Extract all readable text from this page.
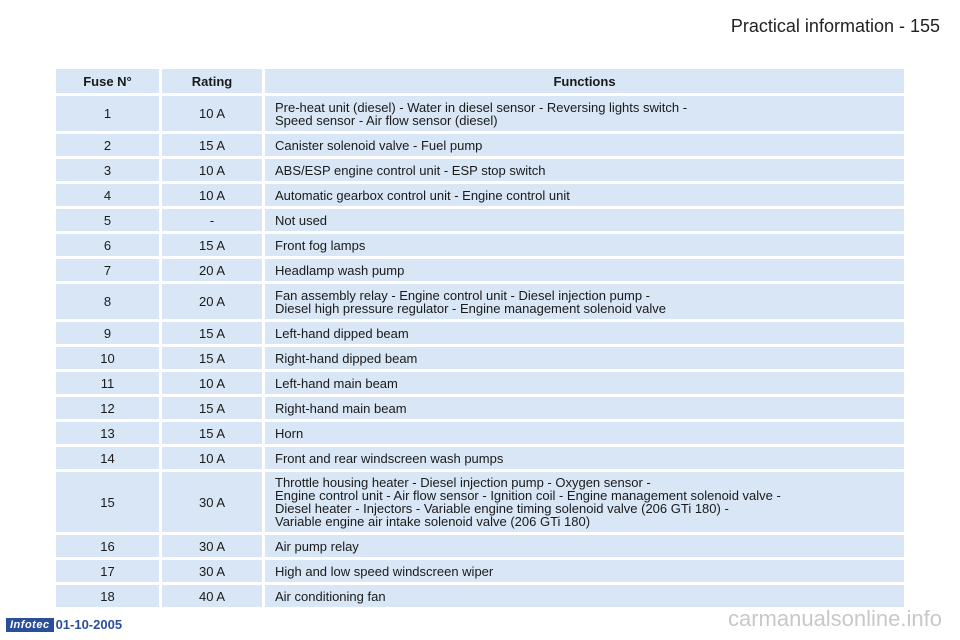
Practical information - 155
Fuse N°	Rating	Functions
1	10 A	Pre-heat unit (diesel) - Water in diesel sensor - Reversing lights switch -
Speed sensor - Air flow sensor (diesel)
2	15 A	Canister solenoid valve - Fuel pump
3	10 A	ABS/ESP engine control unit - ESP stop switch
4	10 A	Automatic gearbox control unit - Engine control unit
5	-	Not used
6	15 A	Front fog lamps
7	20 A	Headlamp wash pump
8	20 A	Fan assembly relay - Engine control unit - Diesel injection pump -
Diesel high pressure regulator - Engine management solenoid valve
9	15 A	Left-hand dipped beam
10	15 A	Right-hand dipped beam
11	10 A	Left-hand main beam
12	15 A	Right-hand main beam
13	15 A	Horn
14	10 A	Front and rear windscreen wash pumps
15	30 A	Throttle housing heater - Diesel injection pump - Oxygen sensor -
Engine control unit - Air flow sensor - Ignition coil - Engine management solenoid valve -
Diesel heater - Injectors - Variable engine timing solenoid valve (206 GTi 180) -
Variable engine air intake solenoid valve (206 GTi 180)
16	30 A	Air pump relay
17	30 A	High and low speed windscreen wiper
18	40 A	Air conditioning fan
Infotec 01-10-2005	carmanualsonline.info
